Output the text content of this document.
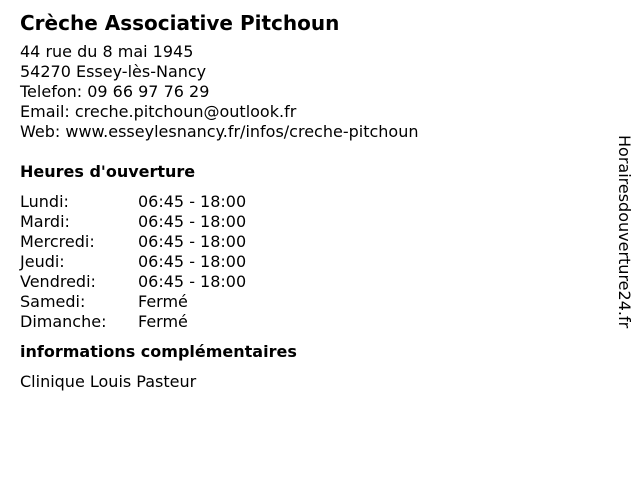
Crèche Associative Pitchoun
44 rue du 8 mai 1945
54270 Essey-lès-Nancy
Telefon: 09 66 97 76 29
Email: creche.pitchoun@outlook.fr
Web: www.esseylesnancy.fr/infos/creche-pitchoun
Heures d'ouverture
Lundi:	06:45 - 18:00
Mardi:	06:45 - 18:00
Mercredi:	06:45 - 18:00
Jeudi:	06:45 - 18:00
Vendredi:	06:45 - 18:00
Samedi:	Fermé
Dimanche: Fermé
informations complémentaires
Clinique Louis Pasteur
Horairesdouverture24.fr
